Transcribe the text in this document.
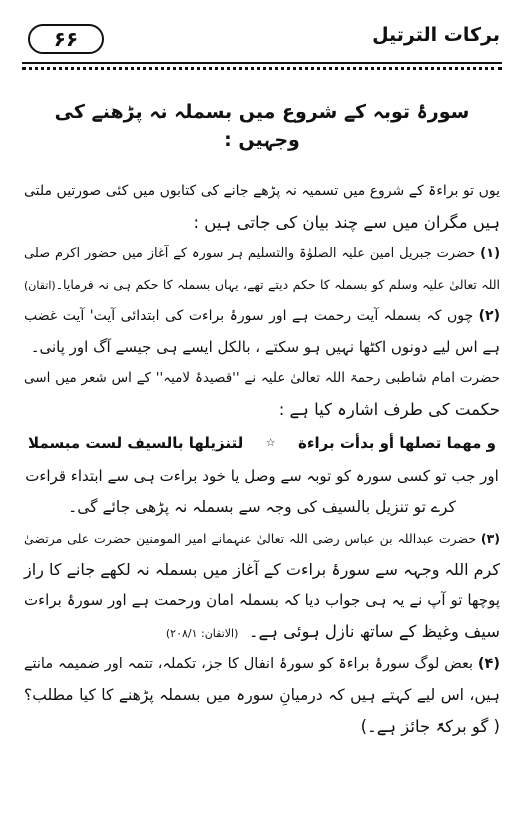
برکات الترتیل
۶۶
سورۂ توبہ کے شروع میں بسملہ نہ پڑھنے کی وجہیں :
یوں تو براءۃ کے شروع میں تسمیہ نہ پڑھے جانے کی کتابوں میں کئی صورتیں ملتی
ہیں مگران میں سے چند بیان کی جاتی ہیں :
(۱) حضرت جبریل امین علیہ الصلوٰۃ والتسلیم ہر سورہ کے آغاز میں حضور اکرم صلی
اللہ تعالیٰ علیہ وسلم کو بسملہ کا حکم دیتے تھے، یہاں بسملہ کا حکم ہی نہ فرمایا۔(اتقان)
(۲) چوں کہ بسملہ آیت رحمت ہے اور سورۂ براءت کی ابتدائی آیت' آیت غضب
ہے اس لیے دونوں اکٹھا نہیں ہو سکتے ، بالکل ایسے ہی جیسے آگ اور پانی۔
حضرت امام شاطبی رحمۃ اللہ تعالیٰ علیہ نے ''قصیدۂ لامیہ'' کے اس شعر میں اسی
حکمت کی طرف اشارہ کیا ہے :
و مهما تصلها أو بدأت براءة
☆
لتنزيلها بالسيف لست مبسملا
اور جب تو کسی سورہ کو توبہ سے وصل یا خود براءت ہی سے ابتداء قراءت
کرے تو تنزیل بالسیف کی وجہ سے بسملہ نہ پڑھی جائے گی۔
(۳) حضرت عبداللہ بن عباس رضی اللہ تعالیٰ عنہمانے امیر المومنین حضرت علی مرتضیٰ
کرم اللہ وجہہ سے سورۂ براءت کے آغاز میں بسملہ نہ لکھے جانے کا راز
پوچھا تو آپ نے یہ ہی جواب دیا کہ بسملہ امان ورحمت ہے اور سورۂ براءت
سیف وغیظ کے ساتھ نازل ہوئی ہے۔  (الاتقان: ۲۰۸/۱)
(۴) بعض لوگ سورۂ براءۃ کو سورۂ انفال کا جز، تکملہ، تتمہ اور ضمیمہ مانتے
ہیں، اس لیے کہتے ہیں کہ درمیانِ سورہ میں بسملہ پڑھنے کا کیا مطلب؟
( گو برکۃً جائز ہے۔)
